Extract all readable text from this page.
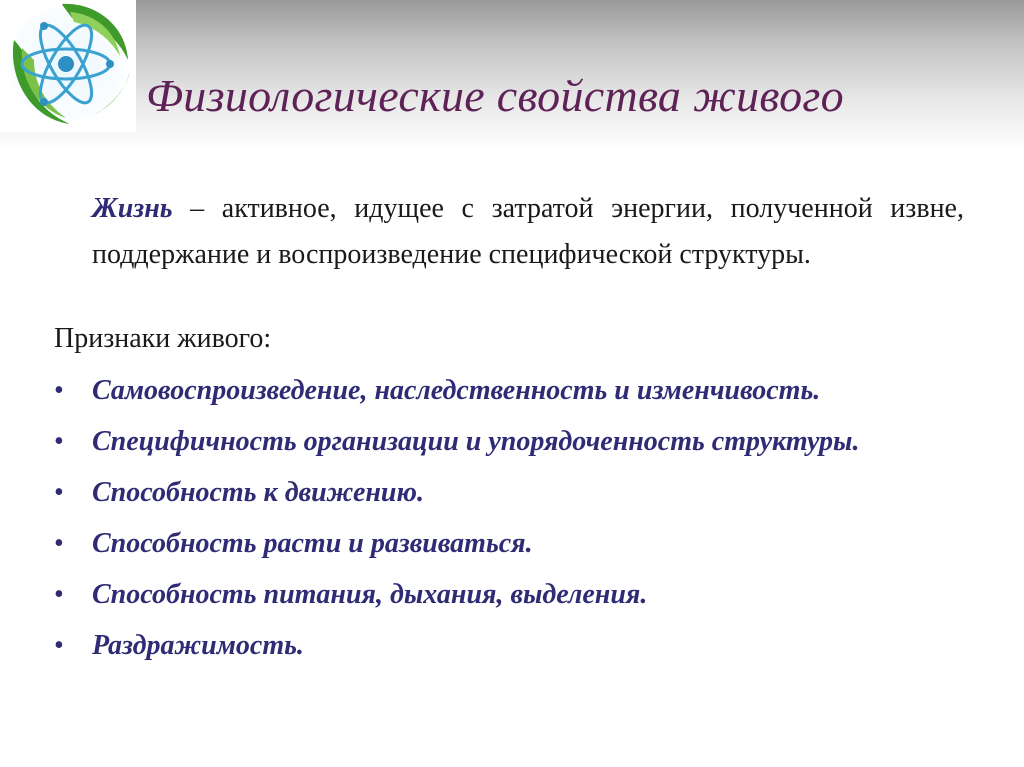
Физиологические свойства живого

Жизнь – активное, идущее с затратой энергии, полученной извне, поддержание и воспроизведение специфической структуры.

Признаки живого:

•	Самовоспроизведение, наследственность и изменчивость.
•	Специфичность организации и упорядоченность структуры.
•	Способность к движению.
•	Способность расти и развиваться.
•	Способность питания, дыхания, выделения.
•	Раздражимость.
